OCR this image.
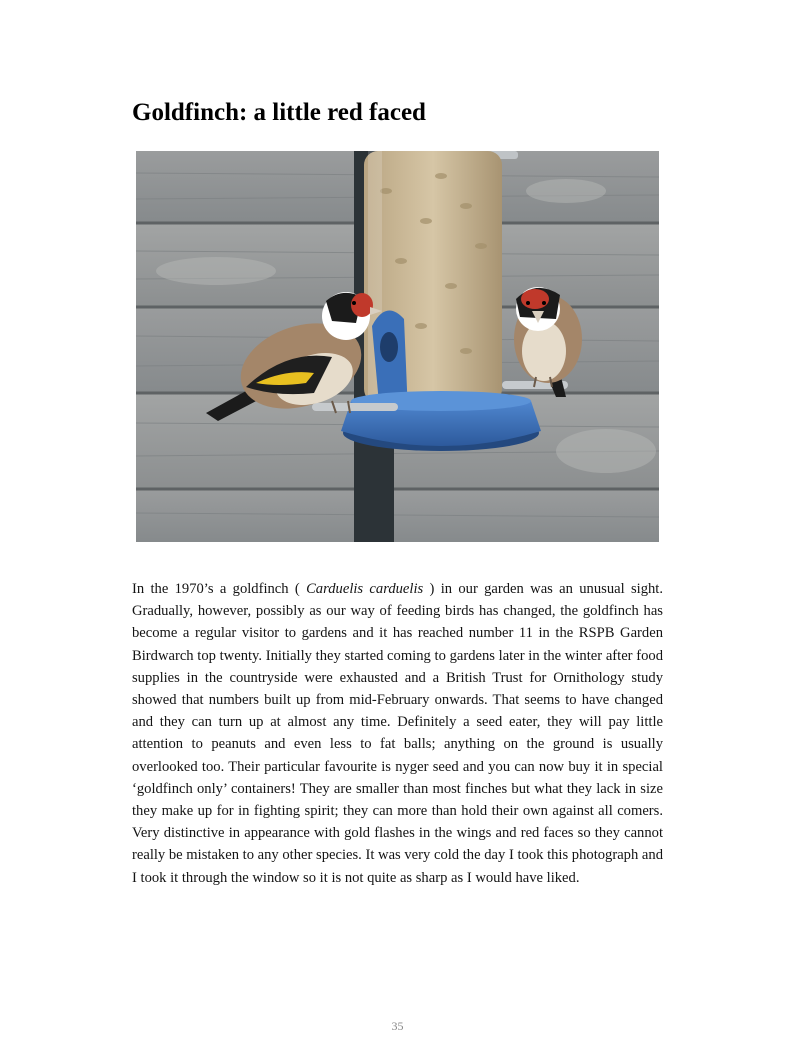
Goldfinch: a little red faced

In the 1970’s a goldfinch ( Carduelis carduelis ) in our garden was an unusual sight. Gradually, however, possibly as our way of feeding birds has changed, the goldfinch has become a regular visitor to gardens and it has reached number 11 in the RSPB Garden Birdwarch top twenty. Initially they started coming to gardens later in the winter after food supplies in the countryside were exhausted and a British Trust for Ornithology study showed that numbers built up from mid-February onwards. That seems to have changed and they can turn up at almost any time. Definitely a seed eater, they will pay little attention to peanuts and even less to fat balls; anything on the ground is usually overlooked too. Their particular favourite is nyger seed and you can now buy it in special ‘goldfinch only’ containers! They are smaller than most finches but what they lack in size they make up for in fighting spirit; they can more than hold their own against all comers. Very distinctive in appearance with gold flashes in the wings and red faces so they cannot really be mistaken to any other species. It was very cold the day I took this photograph and I took it through the window so it is not quite as sharp as I would have liked.

35
